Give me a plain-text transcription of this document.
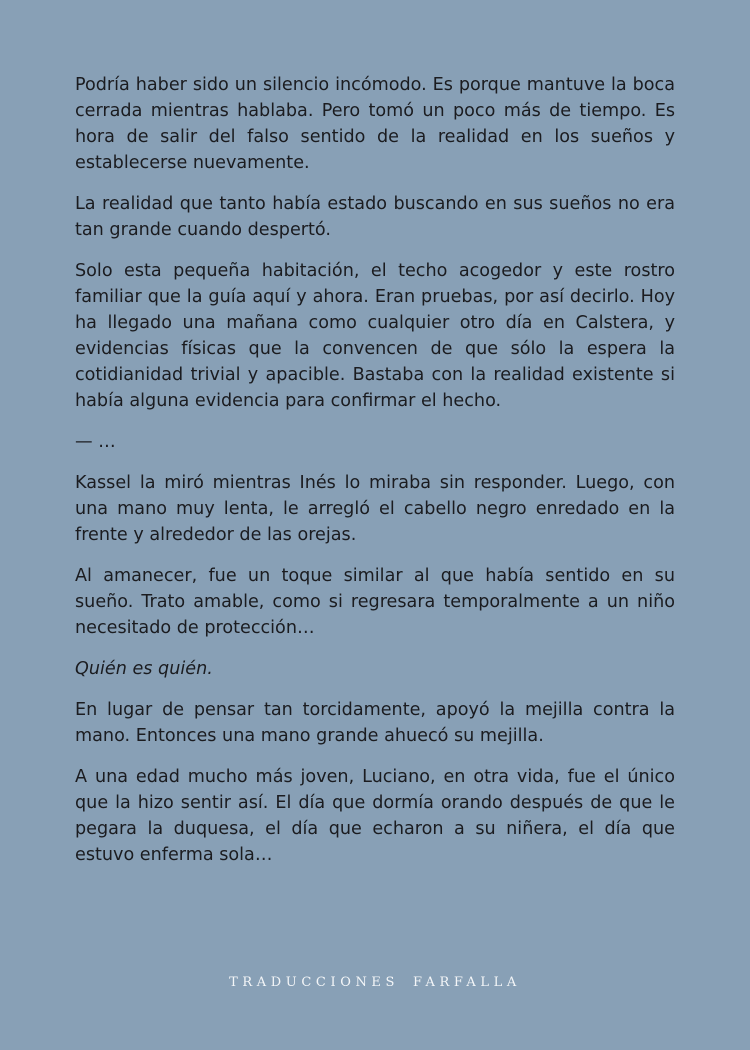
Podría haber sido un silencio incómodo. Es porque mantuve la boca cerrada mientras hablaba. Pero tomó un poco más de tiempo. Es hora de salir del falso sentido de la realidad en los sueños y establecerse nuevamente.

La realidad que tanto había estado buscando en sus sueños no era tan grande cuando despertó.

Solo esta pequeña habitación, el techo acogedor y este rostro familiar que la guía aquí y ahora. Eran pruebas, por así decirlo. Hoy ha llegado una mañana como cualquier otro día en Calstera, y evidencias físicas que la convencen de que sólo la espera la cotidianidad trivial y apacible. Bastaba con la realidad existente si había alguna evidencia para confirmar el hecho.

— …

Kassel la miró mientras Inés lo miraba sin responder. Luego, con una mano muy lenta, le arregló el cabello negro enredado en la frente y alrededor de las orejas.

Al amanecer, fue un toque similar al que había sentido en su sueño. Trato amable, como si regresara temporalmente a un niño necesitado de protección…

Quién es quién.

En lugar de pensar tan torcidamente, apoyó la mejilla contra la mano. Entonces una mano grande ahuecó su mejilla.

A una edad mucho más joven, Luciano, en otra vida, fue el único que la hizo sentir así. El día que dormía orando después de que le pegara la duquesa, el día que echaron a su niñera, el día que estuvo enferma sola…

TRADUCCIONES FARFALLA
